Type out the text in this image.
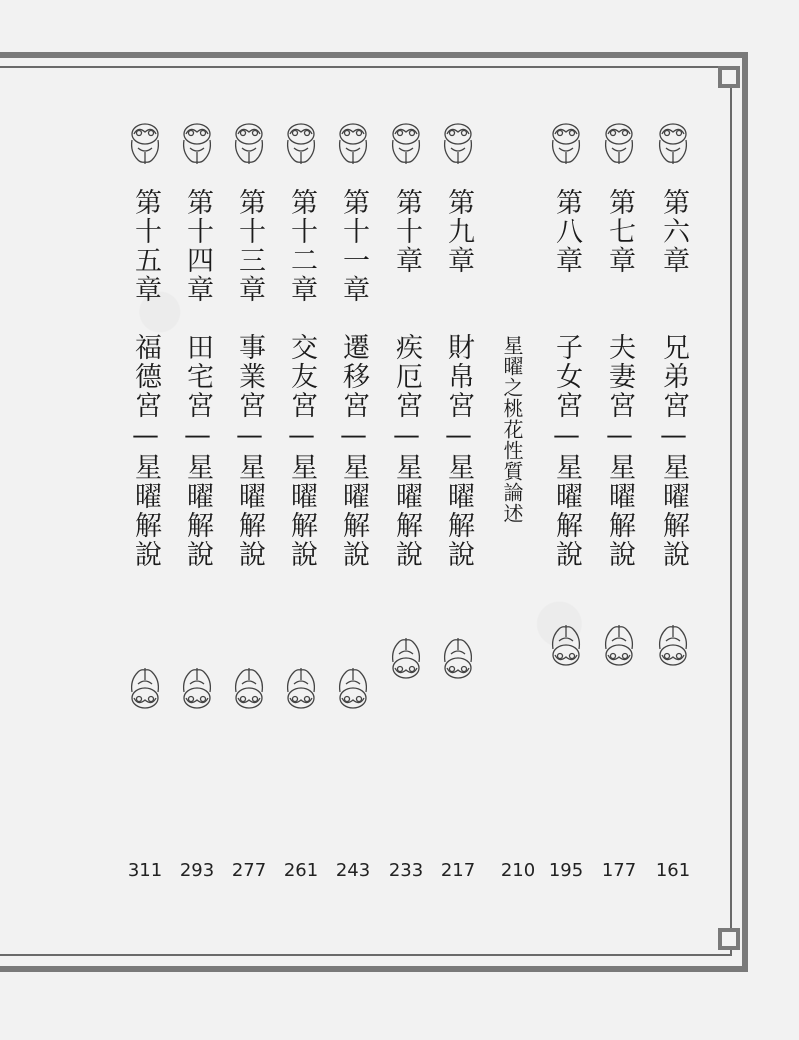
第六章
兄弟宮—星曜解說
第七章
夫妻宮—星曜解說
第八章
子女宮—星曜解說
星曜之桃花性質論述
第九章
財帛宮—星曜解說
第十章
疾厄宮—星曜解說
第十一章
遷移宮—星曜解說
第十二章
交友宮—星曜解說
第十三章
事業宮—星曜解說
第十四章
田宅宮—星曜解說
第十五章
福德宮—星曜解說
161
177
195
210
217
233
243
261
277
293
311
